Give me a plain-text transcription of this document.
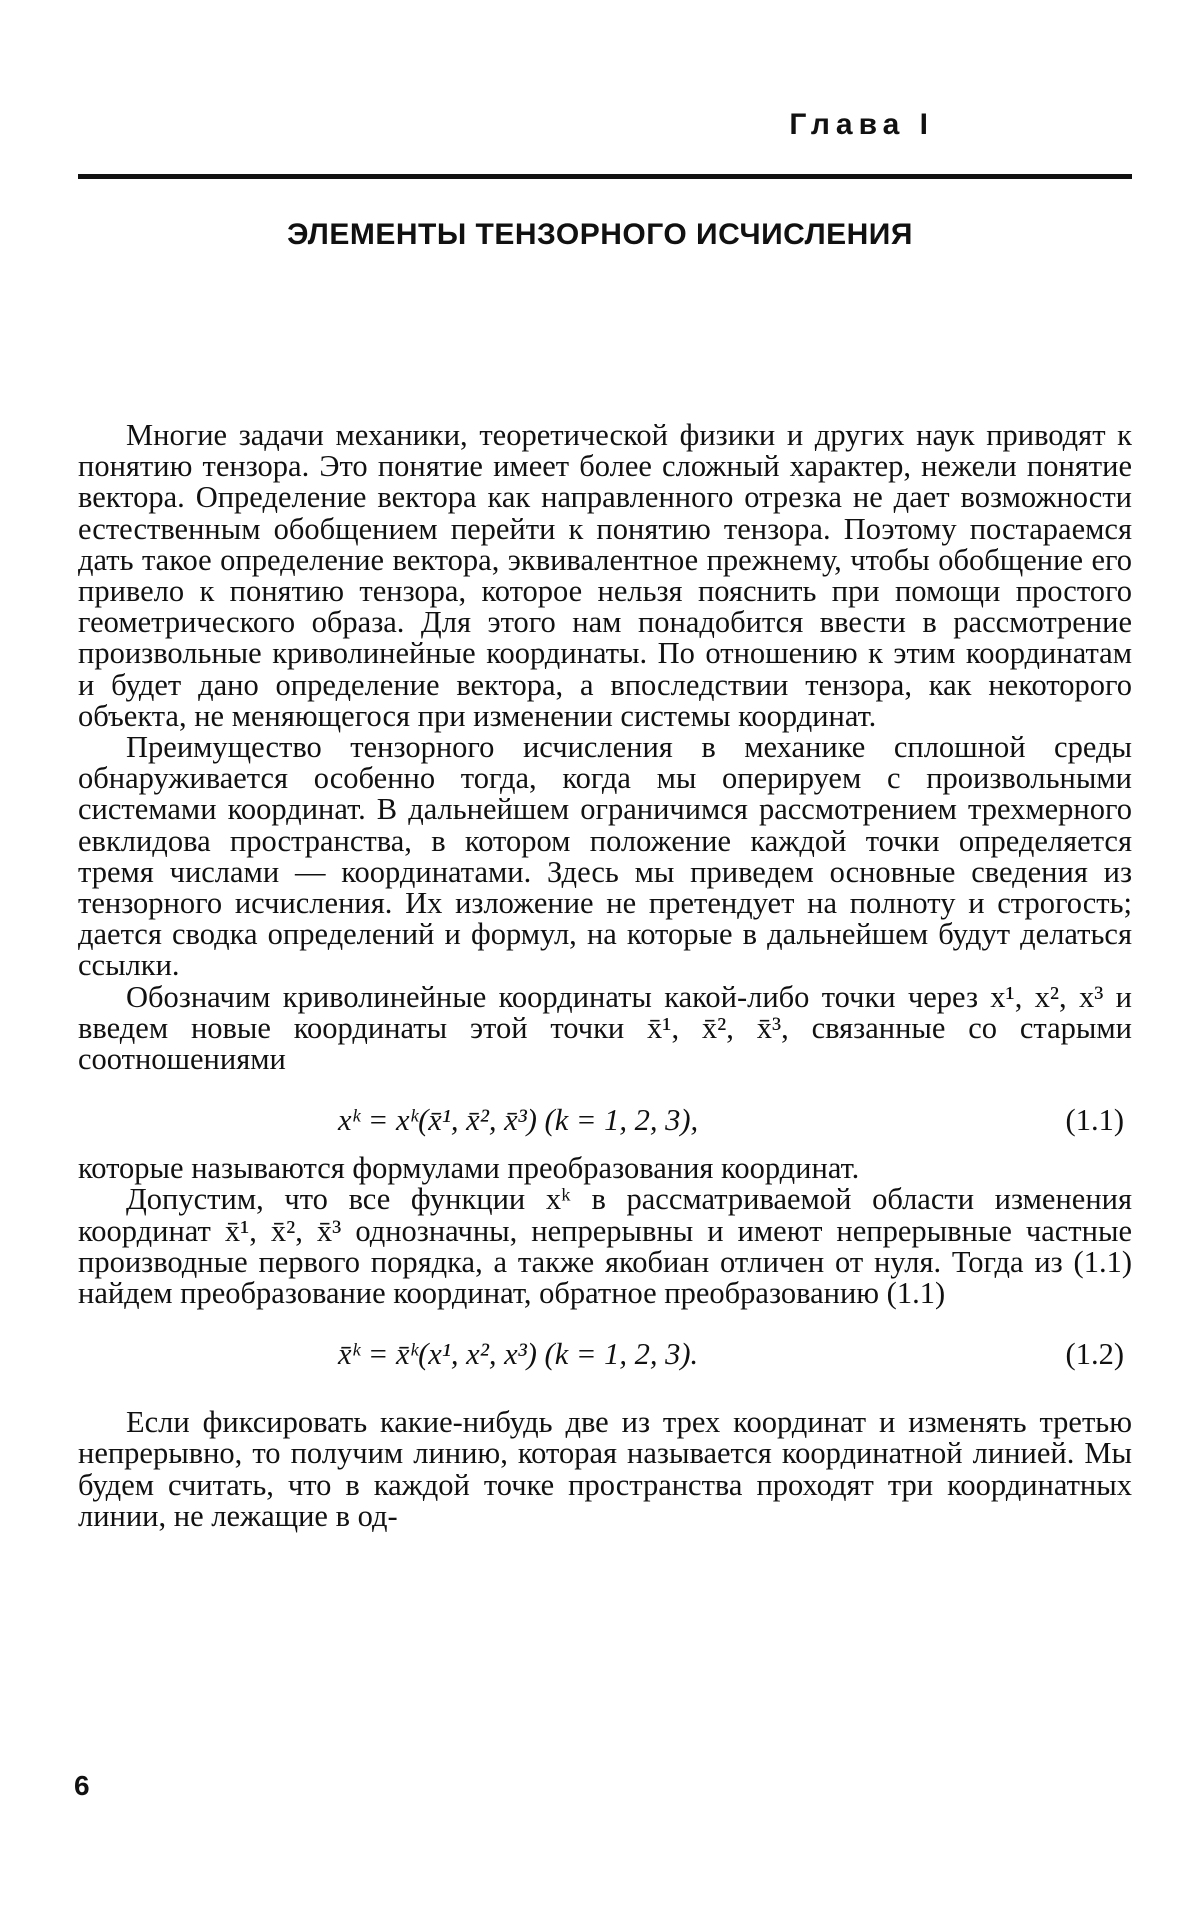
Глава I
ЭЛЕМЕНТЫ ТЕНЗОРНОГО ИСЧИСЛЕНИЯ

Многие задачи механики, теоретической физики и других наук приводят к понятию тензора. Это понятие имеет более сложный характер, нежели понятие вектора. Определение вектора как направленного отрезка не дает возможности естественным обобщением перейти к понятию тензора. Поэтому постараемся дать такое определение вектора, эквивалентное прежнему, чтобы обобщение его привело к понятию тензора, которое нельзя пояснить при помощи простого геометрического образа. Для этого нам понадобится ввести в рассмотрение произвольные криволинейные координаты. По отношению к этим координатам и будет дано определение вектора, а впоследствии тензора, как некоторого объекта, не меняющегося при изменении системы координат.

Преимущество тензорного исчисления в механике сплошной среды обнаруживается особенно тогда, когда мы оперируем с произвольными системами координат. В дальнейшем ограничимся рассмотрением трехмерного евклидова пространства, в котором положение каждой точки определяется тремя числами — координатами. Здесь мы приведем основные сведения из тензорного исчисления. Их изложение не претендует на полноту и строгость; дается сводка определений и формул, на которые в дальнейшем будут делаться ссылки.

Обозначим криволинейные координаты какой-либо точки через x¹, x², x³ и введем новые координаты этой точки x̄¹, x̄², x̄³, связанные со старыми соотношениями

xᵏ = xᵏ(x̄¹, x̄², x̄³) (k = 1, 2, 3),	(1.1)

которые называются формулами преобразования координат.

Допустим, что все функции xᵏ в рассматриваемой области изменения координат x̄¹, x̄², x̄³ однозначны, непрерывны и имеют непрерывные частные производные первого порядка, а также якобиан отличен от нуля. Тогда из (1.1) найдем преобразование координат, обратное преобразованию (1.1)

x̄ᵏ = x̄ᵏ(x¹, x², x³) (k = 1, 2, 3).	(1.2)

Если фиксировать какие-нибудь две из трех координат и изменять третью непрерывно, то получим линию, которая называется координатной линией. Мы будем считать, что в каждой точке пространства проходят три координатных линии, не лежащие в од-

6
